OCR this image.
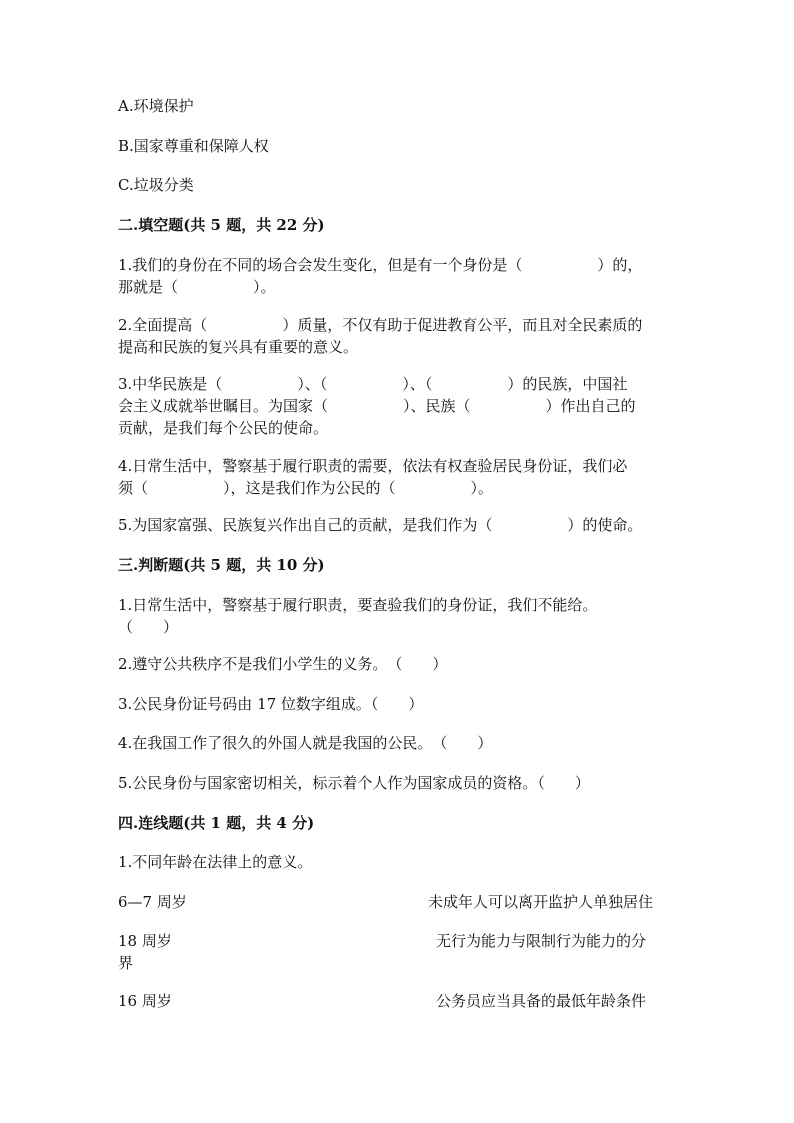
A.环境保护
B.国家尊重和保障人权
C.垃圾分类
二.填空题(共 5 题，共 22 分)
1.我们的身份在不同的场合会发生变化，但是有一个身份是（　　　　　）的，
那就是（　　　　　）。
2.全面提高（　　　　　）质量，不仅有助于促进教育公平，而且对全民素质的
提高和民族的复兴具有重要的意义。
3.中华民族是（　　　　　）、（　　　　　）、（　　　　　）的民族，中国社
会主义成就举世瞩目。为国家（　　　　　）、民族（　　　　　）作出自己的
贡献，是我们每个公民的使命。
4.日常生活中，警察基于履行职责的需要，依法有权查验居民身份证，我们必
须（　　　　　），这是我们作为公民的（　　　　　）。
5.为国家富强、民族复兴作出自己的贡献，是我们作为（　　　　　）的使命。
三.判断题(共 5 题，共 10 分)
1.日常生活中，警察基于履行职责，要查验我们的身份证，我们不能给。
（　　）
2.遵守公共秩序不是我们小学生的义务。　（　　）
3.公民身份证号码由 17 位数字组成。（　　）
4.在我国工作了很久的外国人就是我国的公民。　（　　）
5.公民身份与国家密切相关，标示着个人作为国家成员的资格。（　　）
四.连线题(共 1 题，共 4 分)
1.不同年龄在法律上的意义。
6—7 周岁	未成年人可以离开监护人单独居住
18 周岁	无行为能力与限制行为能力的分
界
16 周岁	公务员应当具备的最低年龄条件
